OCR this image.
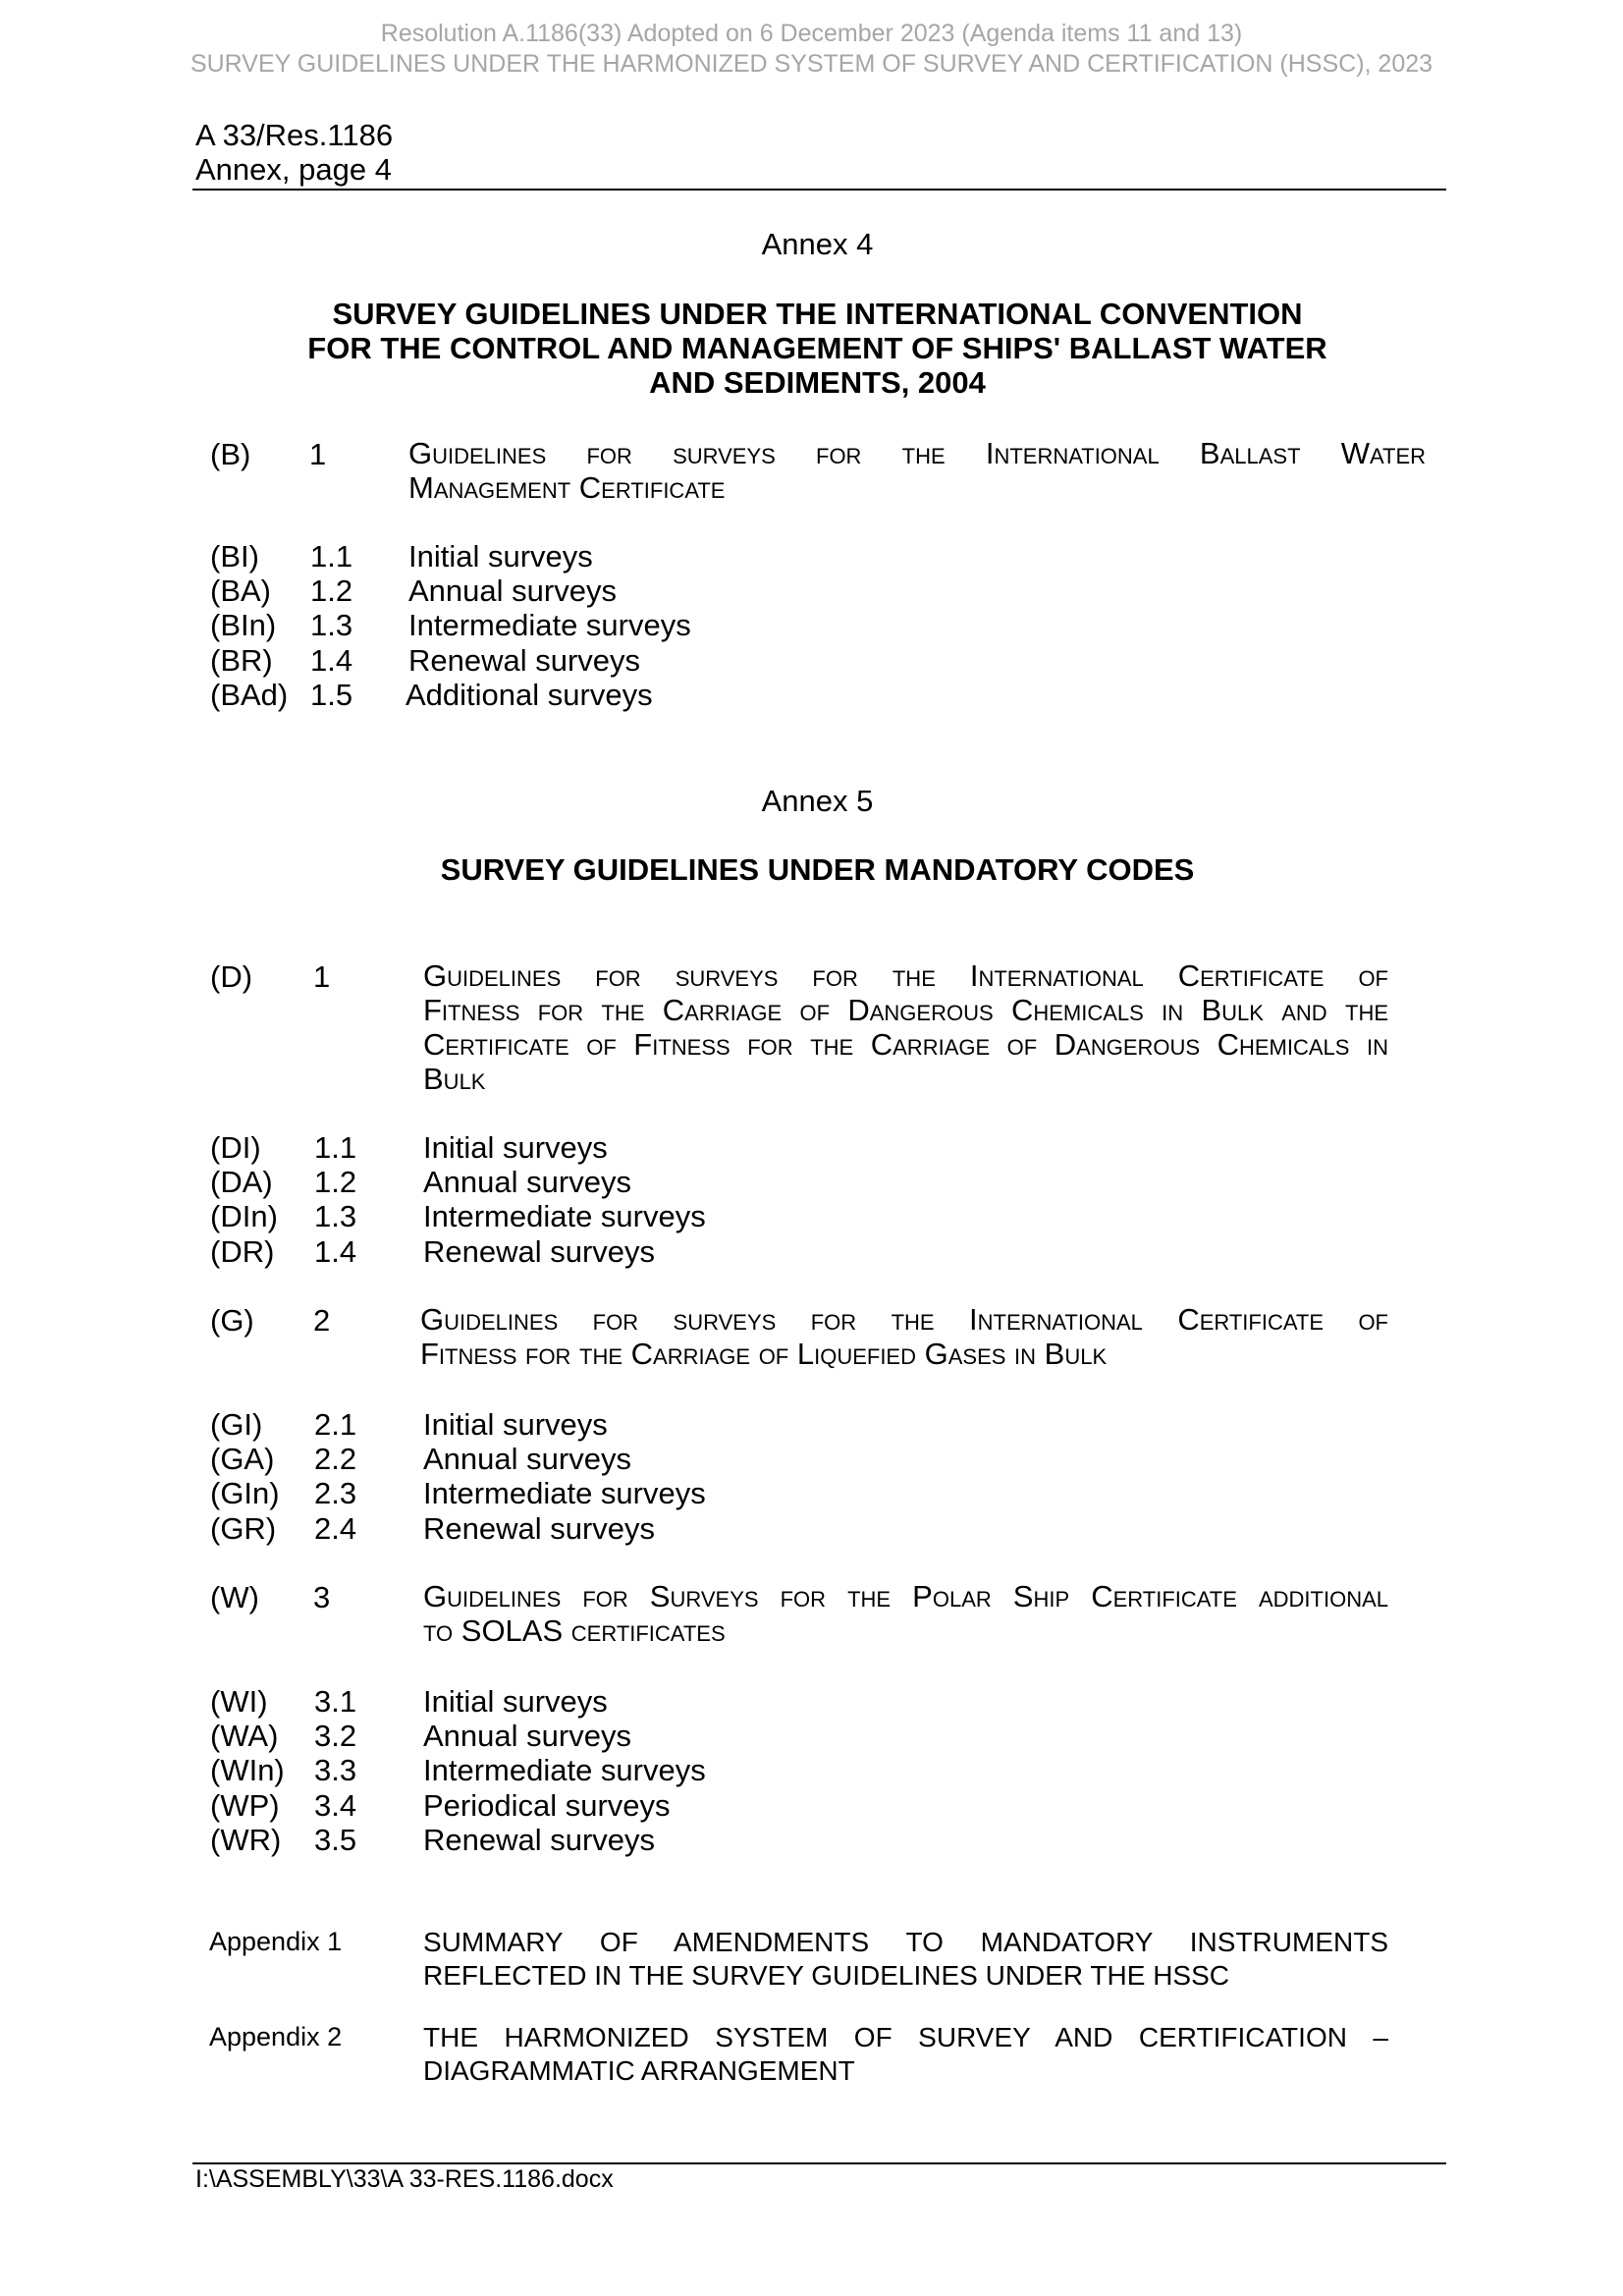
Resolution A.1186(33) Adopted on 6 December 2023 (Agenda items 11 and 13)
SURVEY GUIDELINES UNDER THE HARMONIZED SYSTEM OF SURVEY AND CERTIFICATION (HSSC), 2023
A 33/Res.1186
Annex, page 4
Annex 4
SURVEY GUIDELINES UNDER THE INTERNATIONAL CONVENTION
FOR THE CONTROL AND MANAGEMENT OF SHIPS' BALLAST WATER
AND SEDIMENTS, 2004
(B) 1	Guidelines for surveys for the International Ballast Water
Management Certificate
(BI) 1.1 Initial surveys
(BA) 1.2 Annual surveys
(BIn) 1.3 Intermediate surveys
(BR) 1.4 Renewal surveys
(BAd) 1.5 Additional surveys
Annex 5
SURVEY GUIDELINES UNDER MANDATORY CODES
(D) 1	Guidelines for surveys for the International Certificate of
Fitness for the Carriage of Dangerous Chemicals in Bulk and the
Certificate of Fitness for the Carriage of Dangerous Chemicals in
Bulk
(DI) 1.1 Initial surveys
(DA) 1.2 Annual surveys
(DIn) 1.3 Intermediate surveys
(DR) 1.4 Renewal surveys
(G) 2	Guidelines for surveys for the International Certificate of
Fitness for the Carriage of Liquefied Gases in Bulk
(GI) 2.1 Initial surveys
(GA) 2.2 Annual surveys
(GIn) 2.3 Intermediate surveys
(GR) 2.4 Renewal surveys
(W) 3	Guidelines for Surveys for the Polar Ship Certificate additional
to SOLAS certificates
(WI) 3.1 Initial surveys
(WA) 3.2 Annual surveys
(WIn) 3.3 Intermediate surveys
(WP) 3.4 Periodical surveys
(WR) 3.5 Renewal surveys
Appendix 1	SUMMARY OF AMENDMENTS TO MANDATORY INSTRUMENTS
REFLECTED IN THE SURVEY GUIDELINES UNDER THE HSSC
Appendix 2	THE HARMONIZED SYSTEM OF SURVEY AND CERTIFICATION –
DIAGRAMMATIC ARRANGEMENT
I:\ASSEMBLY\33\A 33-RES.1186.docx
